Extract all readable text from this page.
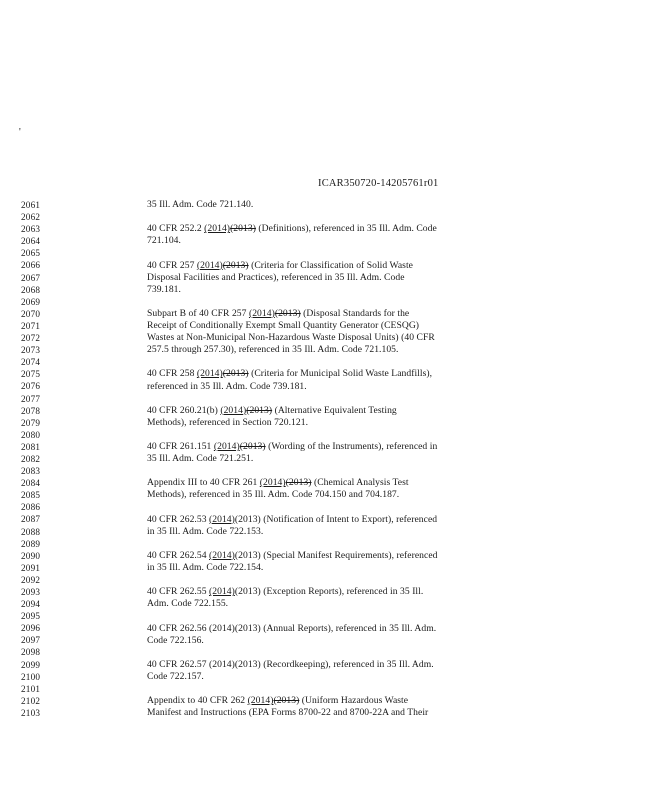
'
ICAR350720-14205761r01
2061
2062
2063
2064
2065
2066
2067
2068
2069
2070
2071
2072
2073
2074
2075
2076
2077
2078
2079
2080
2081
2082
2083
2084
2085
2086
2087
2088
2089
2090
2091
2092
2093
2094
2095
2096
2097
2098
2099
2100
2101
2102
2103
35 Ill. Adm. Code 721.140.
40 CFR 252.2 (2014)(2013) (Definitions), referenced in 35 Ill. Adm. Code
721.104.
40 CFR 257 (2014)(2013) (Criteria for Classification of Solid Waste
Disposal Facilities and Practices), referenced in 35 Ill. Adm. Code
739.181.
Subpart B of 40 CFR 257 (2014)(2013) (Disposal Standards for the
Receipt of Conditionally Exempt Small Quantity Generator (CESQG)
Wastes at Non-Municipal Non-Hazardous Waste Disposal Units) (40 CFR
257.5 through 257.30), referenced in 35 Ill. Adm. Code 721.105.
40 CFR 258 (2014)(2013) (Criteria for Municipal Solid Waste Landfills),
referenced in 35 Ill. Adm. Code 739.181.
40 CFR 260.21(b) (2014)(2013) (Alternative Equivalent Testing
Methods), referenced in Section 720.121.
40 CFR 261.151 (2014)(2013) (Wording of the Instruments), referenced in
35 Ill. Adm. Code 721.251.
Appendix III to 40 CFR 261 (2014)(2013) (Chemical Analysis Test
Methods), referenced in 35 Ill. Adm. Code 704.150 and 704.187.
40 CFR 262.53 (2014)(2013) (Notification of Intent to Export), referenced
in 35 Ill. Adm. Code 722.153.
40 CFR 262.54 (2014)(2013) (Special Manifest Requirements), referenced
in 35 Ill. Adm. Code 722.154.
40 CFR 262.55 (2014)(2013) (Exception Reports), referenced in 35 Ill.
Adm. Code 722.155.
40 CFR 262.56 (2014)(2013) (Annual Reports), referenced in 35 Ill. Adm.
Code 722.156.
40 CFR 262.57 (2014)(2013) (Recordkeeping), referenced in 35 Ill. Adm.
Code 722.157.
Appendix to 40 CFR 262 (2014)(2013) (Uniform Hazardous Waste
Manifest and Instructions (EPA Forms 8700-22 and 8700-22A and Their
